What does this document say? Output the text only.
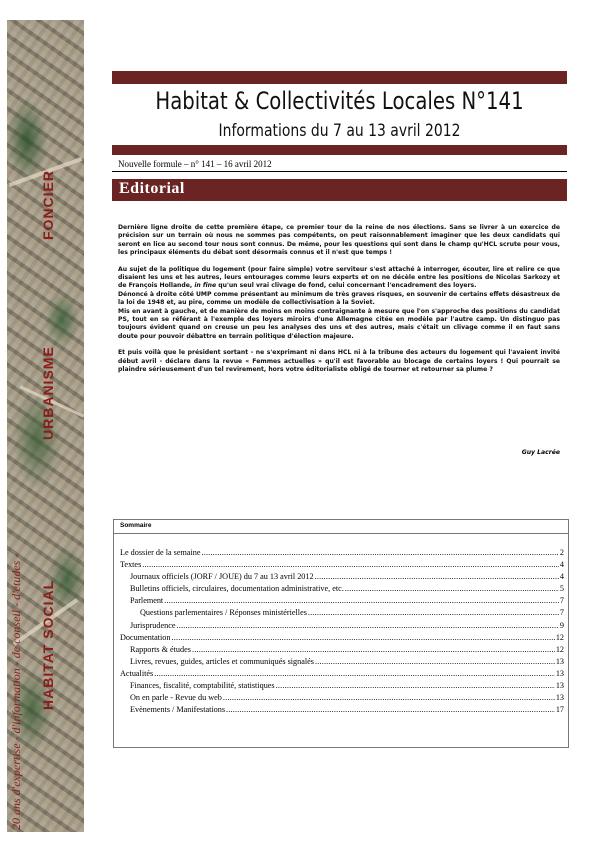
FONCIER
URBANISME
HABITAT SOCIAL
20 ans d'expertise - d'information - de conseil - d'études -
Habitat & Collectivités Locales N°141
Informations du 7 au 13 avril 2012
Nouvelle formule – n° 141 – 16 avril 2012
Editorial

Dernière ligne droite de cette première étape, ce premier tour de la reine de nos élections. Sans se livrer à un exercice de précision sur un terrain où nous ne sommes pas compétents, on peut raisonnablement imaginer que les deux candidats qui seront en lice au second tour nous sont connus. De même, pour les questions qui sont dans le champ qu'HCL scrute pour vous, les principaux éléments du débat sont désormais connus et il n'est que temps !

Au sujet de la politique du logement (pour faire simple) votre serviteur s'est attaché à interroger, écouter, lire et relire ce que disaient les uns et les autres, leurs entourages comme leurs experts et on ne décèle entre les positions de Nicolas Sarkozy et de François Hollande, in fine qu'un seul vrai clivage de fond, celui concernant l'encadrement des loyers.

Dénoncé à droite côté UMP comme présentant au minimum de très graves risques, en souvenir de certains effets désastreux de la loi de 1948 et, au pire, comme un modèle de collectivisation à la Soviet.

Mis en avant à gauche, et de manière de moins en moins contraignante à mesure que l'on s'approche des positions du candidat PS, tout en se référant à l'exemple des loyers miroirs d'une Allemagne citée en modèle par l'autre camp. Un distinguo pas toujours évident quand on creuse un peu les analyses des uns et des autres, mais c'était un clivage comme il en faut sans doute pour pouvoir débattre en terrain politique d'élection majeure.

Et puis voilà que le président sortant - ne s'exprimant ni dans HCL ni à la tribune des acteurs du logement qui l'avaient invité début avril - déclare dans la revue « Femmes actuelles » qu'il est favorable au blocage de certains loyers ! Qui pourrait se plaindre sérieusement d'un tel revirement, hors votre éditorialiste obligé de tourner et retourner sa plume ?

Guy Lacrée
Sommaire
Le dossier de la semaine .....	2
Textes .....	4
Journaux officiels (JORF / JOUE) du 7 au 13 avril 2012 .....	4
Bulletins officiels, circulaires, documentation administrative, etc. .....	5
Parlement .....	7
Questions parlementaires / Réponses ministérielles .....	7
Jurisprudence .....	9
Documentation .....	12
Rapports & études .....	12
Livres, revues, guides, articles et communiqués signalés .....	13
Actualités .....	13
Finances, fiscalité, comptabilité, statistiques .....	13
On en parle - Revue du web .....	13
Evènements / Manifestations .....	17
